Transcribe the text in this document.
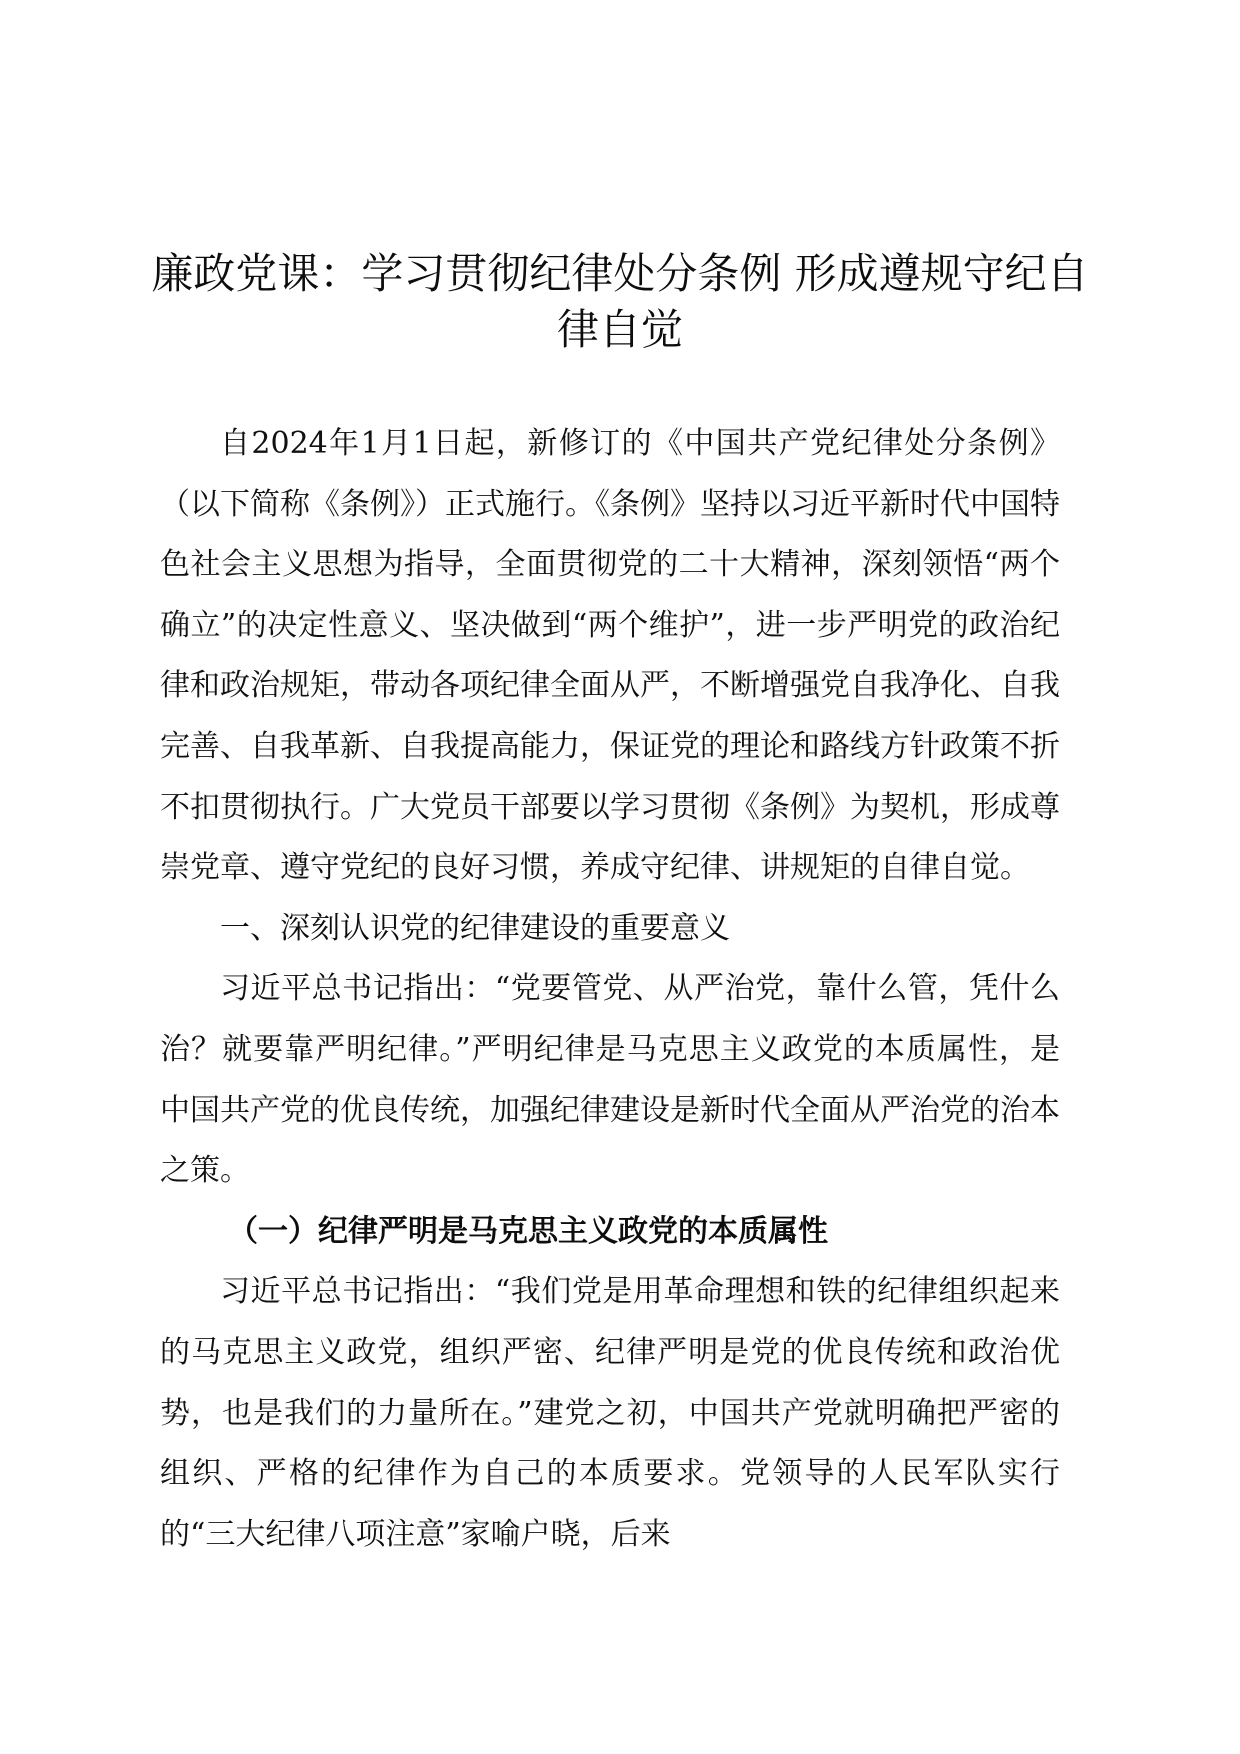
廉政党课：学习贯彻纪律处分条例 形成遵规守纪自律自觉

自2024年1月1日起，新修订的《中国共产党纪律处分条例》（以下简称《条例》）正式施行。《条例》坚持以习近平新时代中国特色社会主义思想为指导，全面贯彻党的二十大精神，深刻领悟“两个确立”的决定性意义、坚决做到“两个维护”，进一步严明党的政治纪律和政治规矩，带动各项纪律全面从严，不断增强党自我净化、自我完善、自我革新、自我提高能力，保证党的理论和路线方针政策不折不扣贯彻执行。广大党员干部要以学习贯彻《条例》为契机，形成尊崇党章、遵守党纪的良好习惯，养成守纪律、讲规矩的自律自觉。

一、深刻认识党的纪律建设的重要意义

习近平总书记指出：“党要管党、从严治党，靠什么管，凭什么治？就要靠严明纪律。”严明纪律是马克思主义政党的本质属性，是中国共产党的优良传统，加强纪律建设是新时代全面从严治党的治本之策。

（一）纪律严明是马克思主义政党的本质属性

习近平总书记指出：“我们党是用革命理想和铁的纪律组织起来的马克思主义政党，组织严密、纪律严明是党的优良传统和政治优势，也是我们的力量所在。”建党之初，中国共产党就明确把严密的组织、严格的纪律作为自己的本质要求。党领导的人民军队实行的“三大纪律八项注意”家喻户晓，后来
